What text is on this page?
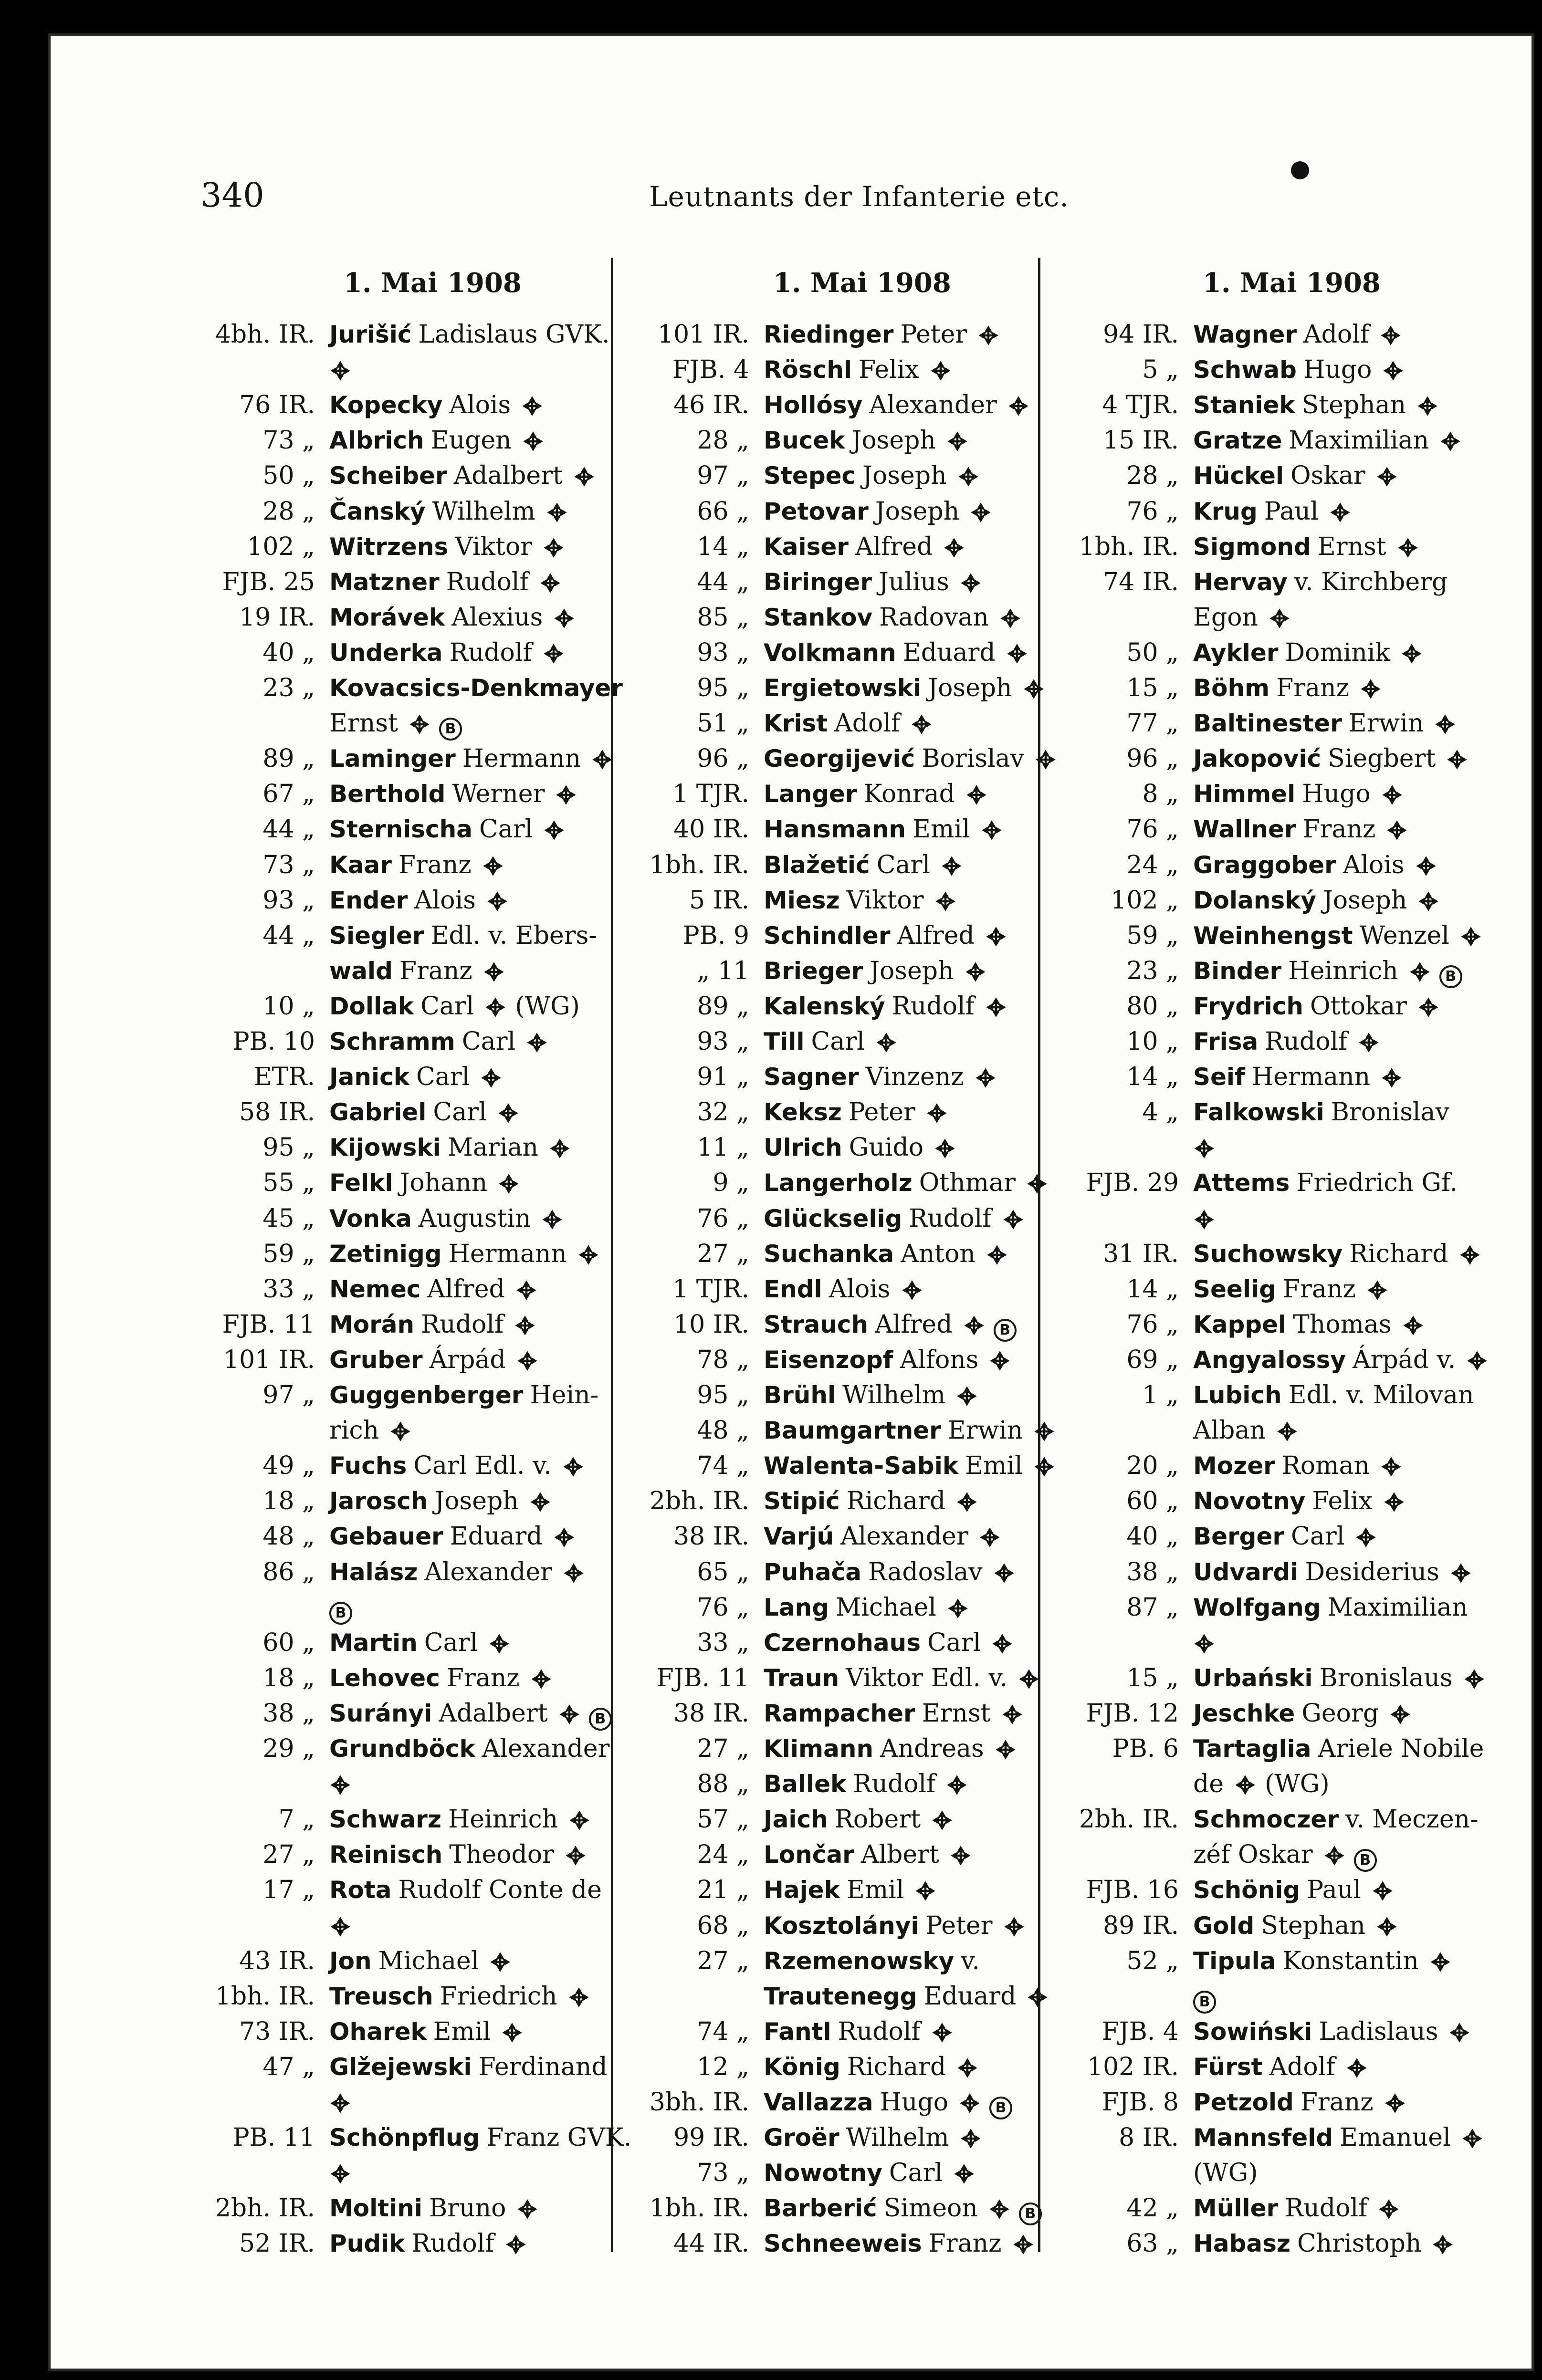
340	Leutnants der Infanterie etc.
1. Mai 1908
4bh. IR. Jurišić Ladislaus GVK.
76 IR. Kopecky Alois
73 „ Albrich Eugen
50 „ Scheiber Adalbert
28 „ Čanský Wilhelm
102 „ Witrzens Viktor
FJB. 25 Matzner Rudolf
19 IR. Morávek Alexius
40 „ Underka Rudolf
23 „ Kovacsics-Denkmayer
Ernst	B
89 „ Laminger Hermann
67 „ Berthold Werner
44 „ Sternischa Carl
73 „ Kaar Franz
93 „ Ender Alois
44 „ Siegler Edl. v. Ebers-
wald Franz
10 „ Dollak Carl (WG)
PB. 10 Schramm Carl
ETR. Janick Carl
58 IR. Gabriel Carl
95 „ Kijowski Marian
55 „ Felkl Johann
45 „ Vonka Augustin
59 „ Zetinigg Hermann
33 „ Nemec Alfred
FJB. 11 Morán Rudolf
101 IR. Gruber Árpád
97 „ Guggenberger Hein-
rich
49 „ Fuchs Carl Edl. v.
18 „ Jarosch Joseph
48 „ Gebauer Eduard
86 „ Halász Alexander
B
60 „ Martin Carl
18 „ Lehovec Franz
38 „ Surányi Adalbert	B
29 „ Grundböck Alexander
7 „ Schwarz Heinrich
27 „ Reinisch Theodor
17 „ Rota Rudolf Conte de
43 IR. Jon Michael
1bh. IR. Treusch Friedrich
73 IR. Oharek Emil
47 „ Glžejewski Ferdinand
PB. 11 Schönpflug Franz GVK.
2bh. IR. Moltini Bruno
52 IR. Pudik Rudolf
1. Mai 1908
101 IR. Riedinger Peter
FJB. 4 Röschl Felix
46 IR. Hollósy Alexander
28 „ Bucek Joseph
97 „ Stepec Joseph
66 „ Petovar Joseph
14 „ Kaiser Alfred
44 „ Biringer Julius
85 „ Stankov Radovan
93 „ Volkmann Eduard
95 „ Ergietowski Joseph
51 „ Krist Adolf
96 „ Georgijević Borislav
1 TJR. Langer Konrad
40 IR. Hansmann Emil
1bh. IR. Blažetić Carl
5 IR. Miesz Viktor
PB. 9 Schindler Alfred
„ 11 Brieger Joseph
89 „ Kalenský Rudolf
93 „ Till Carl
91 „ Sagner Vinzenz
32 „ Keksz Peter
11 „ Ulrich Guido
9 „ Langerholz Othmar
76 „ Glückselig Rudolf
27 „ Suchanka Anton
1 TJR. Endl Alois
10 IR. Strauch Alfred	B
78 „ Eisenzopf Alfons
95 „ Brühl Wilhelm
48 „ Baumgartner Erwin
74 „ Walenta-Sabik Emil
2bh. IR. Stipić Richard
38 IR. Varjú Alexander
65 „ Puhača Radoslav
76 „ Lang Michael
33 „ Czernohaus Carl
FJB. 11 Traun Viktor Edl. v.
38 IR. Rampacher Ernst
27 „ Klimann Andreas
88 „ Ballek Rudolf
57 „ Jaich Robert
24 „ Lončar Albert
21 „ Hajek Emil
68 „ Kosztolányi Peter
27 „ Rzemenowsky v.
Trautenegg Eduard
74 „ Fantl Rudolf
12 „ König Richard
3bh. IR. Vallazza Hugo	B
99 IR. Groër Wilhelm
73 „ Nowotny Carl
1bh. IR. Barberić Simeon	B
44 IR. Schneeweis Franz
1. Mai 1908
94 IR. Wagner Adolf
5 „ Schwab Hugo
4 TJR. Staniek Stephan
15 IR. Gratze Maximilian
28 „ Hückel Oskar
76 „ Krug Paul
1bh. IR. Sigmond Ernst
74 IR. Hervay v. Kirchberg
Egon
50 „ Aykler Dominik
15 „ Böhm Franz
77 „ Baltinester Erwin
96 „ Jakopović Siegbert
8 „ Himmel Hugo
76 „ Wallner Franz
24 „ Graggober Alois
102 „ Dolanský Joseph
59 „ Weinhengst Wenzel
23 „ Binder Heinrich	B
80 „ Frydrich Ottokar
10 „ Frisa Rudolf
14 „ Seif Hermann
4 „ Falkowski Bronislav
FJB. 29 Attems Friedrich Gf.
31 IR. Suchowsky Richard
14 „ Seelig Franz
76 „ Kappel Thomas
69 „ Angyalossy Árpád v.
1 „ Lubich Edl. v. Milovan
Alban
20 „ Mozer Roman
60 „ Novotny Felix
40 „ Berger Carl
38 „ Udvardi Desiderius
87 „ Wolfgang Maximilian
15 „ Urbański Bronislaus
FJB. 12 Jeschke Georg
PB. 6 Tartaglia Ariele Nobile
de (WG)
2bh. IR. Schmoczer v. Meczen-
zéf Oskar	B
FJB. 16 Schönig Paul
89 IR. Gold Stephan
52 „ Tipula Konstantin
B
FJB. 4 Sowiński Ladislaus
102 IR. Fürst Adolf
FJB. 8 Petzold Franz
8 IR. Mannsfeld Emanuel
(WG)
42 „ Müller Rudolf
63 „ Habasz Christoph
